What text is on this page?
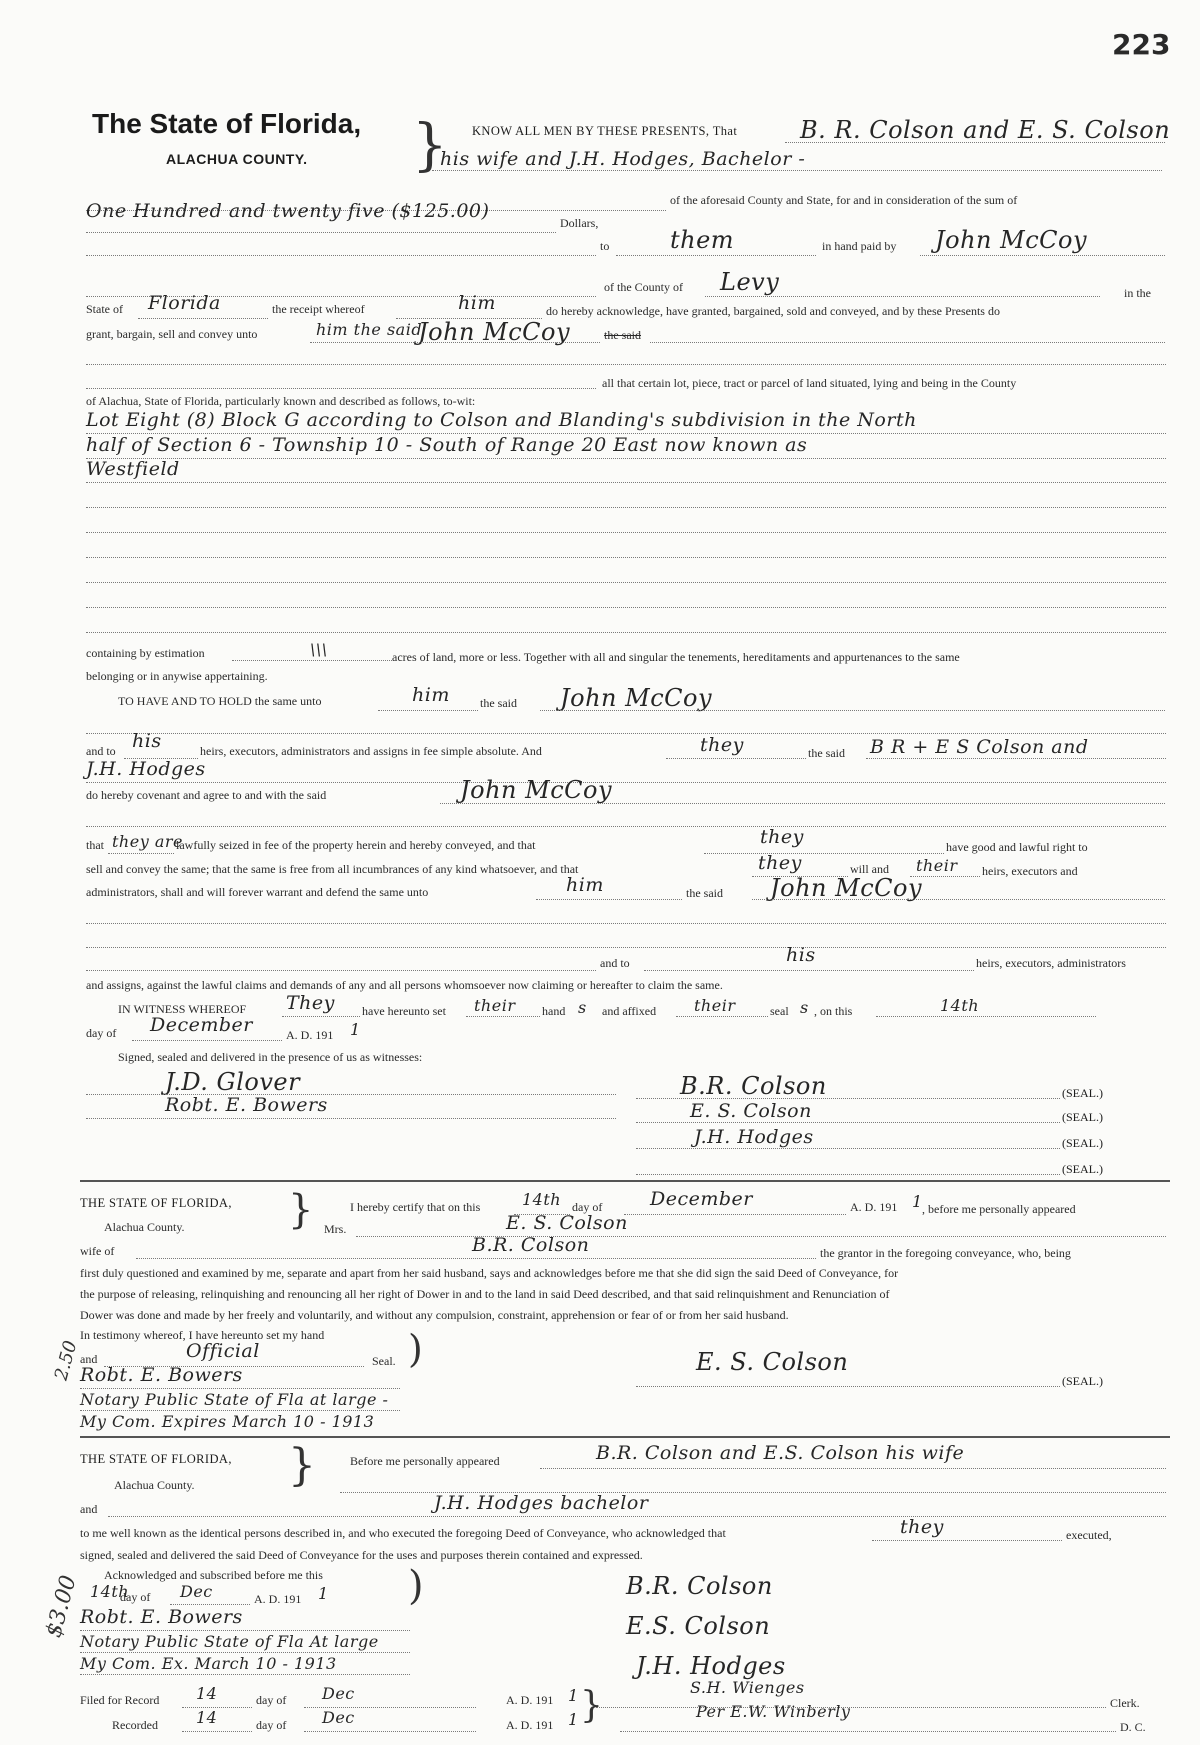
223
The State of Florida,
ALACHUA COUNTY. } KNOW ALL MEN BY THESE PRESENTS, That	B. R. Colson and E. S. Colson
his wife and J.H. Hodges, Bachelor -
of the aforesaid County and State, for and in consideration of the sum of
One Hundred and twenty five ($125.00)
Dollars,
to	them	in hand paid by John McCoy
of the County of Levy	in the
State of Florida	the receipt whereof	him	do hereby acknowledge, have granted, bargained, sold and conveyed, and by these Presents do
grant, bargain, sell and convey unto	him the said
John McCoy	the said
all that certain lot, piece, tract or parcel of land situated, lying and being in the County
of Alachua, State of Florida, particularly known and described as follows, to-wit:
Lot Eight (8) Block G according to Colson and Blanding's subdivision in the North
half of Section 6 - Township 10 - South of Range 20 East now known as
Westfield
containing by estimation	\\\	acres of land, more or less. Together with all and singular the tenements, hereditaments and appurtenances to the same
belonging or in anywise appertaining.
TO HAVE AND TO HOLD the same unto	him	the said John McCoy
and to his	heirs, executors, administrators and assigns in fee simple absolute. And	they	the said B R + E S Colson and
J.H. Hodges
do hereby covenant and agree to and with the said	John McCoy
that they are
lawfully seized in fee of the property herein and hereby conveyed, and that	they	have good and lawful right to
sell and convey the same; that the same is free from all incumbrances of any kind whatsoever, and that	they	will and their heirs, executors and
administrators, shall and will forever warrant and defend the same unto	him	the said John McCoy
and to	his	heirs, executors, administrators
and assigns, against the lawful claims and demands of any and all persons whomsoever now claiming or hereafter to claim the same.
IN WITNESS WHEREOF They have hereunto set their hand s and affixed their	seal s , on this	14th
day of December	A. D. 191 1
Signed, sealed and delivered in the presence of us as witnesses:
J.D. Glover
Robt. E. Bowers
B.R. Colson	(SEAL.)
E. S. Colson	(SEAL.)
J.H. Hodges	(SEAL.)
(SEAL.)
THE STATE OF FLORIDA,
Alachua County.	}	I hereby certify that on this	14th day of	December	A. D. 191 1 , before me personally appeared
Mrs.	E. S. Colson
wife of	B.R. Colson	the grantor in the foregoing conveyance, who, being
first duly questioned and examined by me, separate and apart from her said husband, says and acknowledges before me that she did sign the said Deed of Conveyance, for
the purpose of releasing, relinquishing and renouncing all her right of Dower in and to the land in said Deed described, and that said relinquishment and Renunciation of
Dower was done and made by her freely and voluntarily, and without any compulsion, constraint, apprehension or fear of or from her said husband.
In testimony whereof, I have hereunto set my hand
and	Official	Seal. )
Robt. E. Bowers
Notary Public State of Fla at large -
My Com. Expires March 10 - 1913
2.50	E. S. Colson
(SEAL.)
THE STATE OF FLORIDA,
Alachua County. }	Before me personally appeared	B.R. Colson and E.S. Colson his wife
and	J.H. Hodges bachelor
to me well known as the identical persons described in, and who executed the foregoing Deed of Conveyance, who acknowledged that	they	executed,
signed, sealed and delivered the said Deed of Conveyance for the uses and purposes therein contained and expressed.
Acknowledged and subscribed before me this
14th
day of Dec	A. D. 191 1 )
Robt. E. Bowers
Notary Public State of Fla At large
My Com. Ex. March 10 - 1913
$3.00	B.R. Colson
E.S. Colson
J.H. Hodges
Filed for Record 14	day of Dec	A. D. 191 1	S.H. Wienges
Clerk.
Recorded 14	day of Dec	A. D. 191 1 }	Per E.W. Winberly
D. C.
